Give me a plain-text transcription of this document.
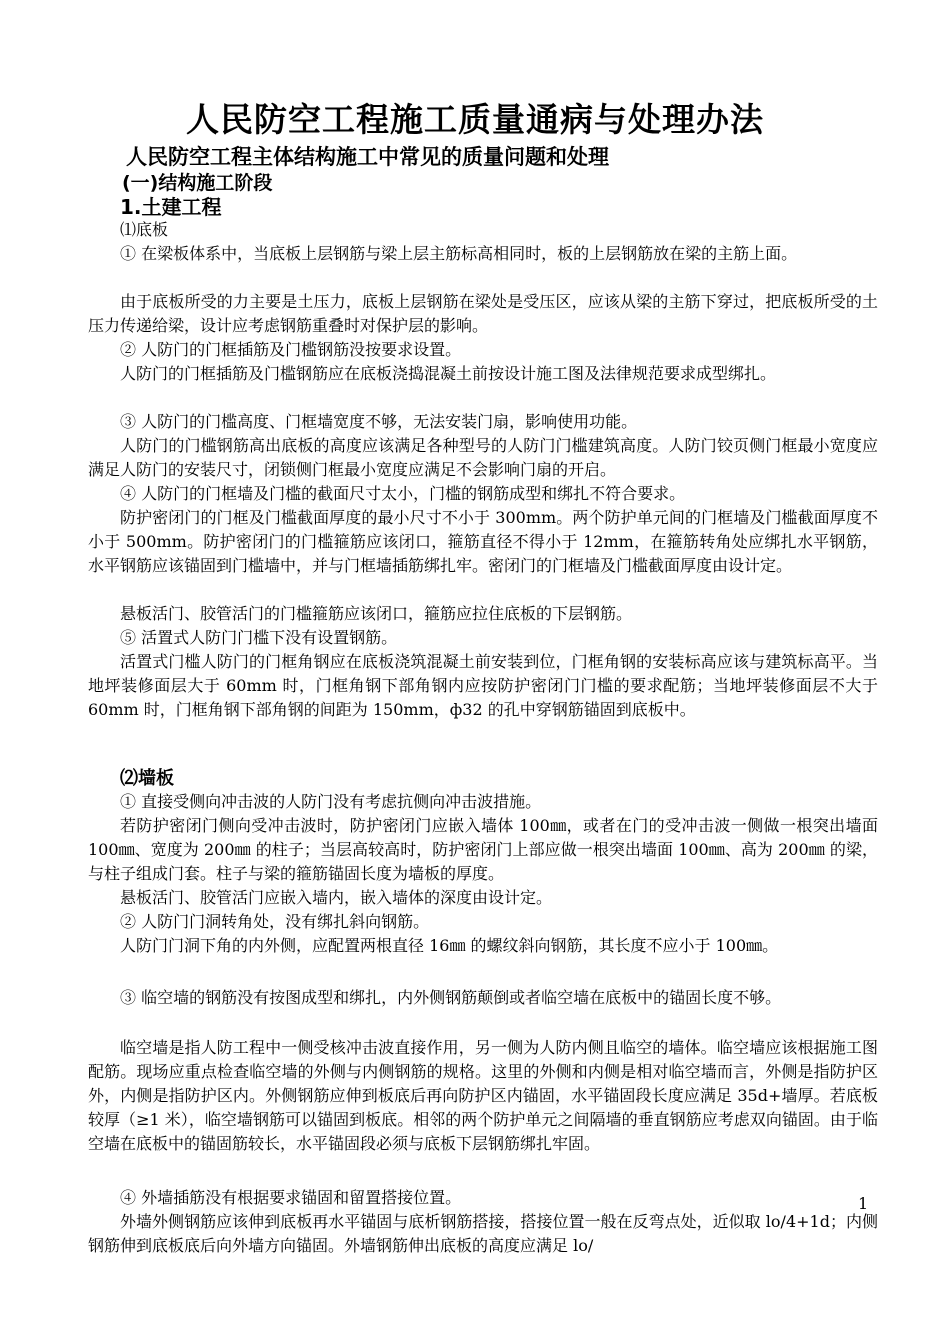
人民防空工程施工质量通病与处理办法
人民防空工程主体结构施工中常见的质量问题和处理
(一)结构施工阶段
1.土建工程
⑴底板
① 在梁板体系中，当底板上层钢筋与梁上层主筋标高相同时，板的上层钢筋放在梁的主筋上面。
由于底板所受的力主要是土压力，底板上层钢筋在梁处是受压区，应该从梁的主筋下穿过，把底板所受的土压力传递给梁，设计应考虑钢筋重叠时对保护层的影响。
② 人防门的门框插筋及门槛钢筋没按要求设置。
人防门的门框插筋及门槛钢筋应在底板浇捣混凝土前按设计施工图及法律规范要求成型绑扎。
③ 人防门的门槛高度、门框墙宽度不够，无法安装门扇，影响使用功能。
人防门的门槛钢筋高出底板的高度应该满足各种型号的人防门门槛建筑高度。人防门铰页侧门框最小宽度应满足人防门的安装尺寸，闭锁侧门框最小宽度应满足不会影响门扇的开启。
④ 人防门的门框墙及门槛的截面尺寸太小，门槛的钢筋成型和绑扎不符合要求。
防护密闭门的门框及门槛截面厚度的最小尺寸不小于 300mm。两个防护单元间的门框墙及门槛截面厚度不小于 500mm。防护密闭门的门槛箍筋应该闭口，箍筋直径不得小于 12mm，在箍筋转角处应绑扎水平钢筋，水平钢筋应该锚固到门槛墙中，并与门框墙插筋绑扎牢。密闭门的门框墙及门槛截面厚度由设计定。
悬板活门、胶管活门的门槛箍筋应该闭口，箍筋应拉住底板的下层钢筋。
⑤ 活置式人防门门槛下没有设置钢筋。
活置式门槛人防门的门框角钢应在底板浇筑混凝土前安装到位，门框角钢的安装标高应该与建筑标高平。当地坪装修面层大于 60mm 时，门框角钢下部角钢内应按防护密闭门门槛的要求配筋；当地坪装修面层不大于 60mm 时，门框角钢下部角钢的间距为 150mm，ф32 的孔中穿钢筋锚固到底板中。
⑵墙板
① 直接受侧向冲击波的人防门没有考虑抗侧向冲击波措施。
若防护密闭门侧向受冲击波时，防护密闭门应嵌入墙体 100㎜，或者在门的受冲击波一侧做一根突出墙面 100㎜、宽度为 200㎜ 的柱子；当层高较高时，防护密闭门上部应做一根突出墙面 100㎜、高为 200㎜ 的梁，与柱子组成门套。柱子与梁的箍筋锚固长度为墙板的厚度。
悬板活门、胶管活门应嵌入墙内，嵌入墙体的深度由设计定。
② 人防门门洞转角处，没有绑扎斜向钢筋。
人防门门洞下角的内外侧，应配置两根直径 16㎜ 的螺纹斜向钢筋，其长度不应小于 100㎜。
③ 临空墙的钢筋没有按图成型和绑扎，内外侧钢筋颠倒或者临空墙在底板中的锚固长度不够。
临空墙是指人防工程中一侧受核冲击波直接作用，另一侧为人防内侧且临空的墙体。临空墙应该根据施工图配筋。现场应重点检查临空墙的外侧与内侧钢筋的规格。这里的外侧和内侧是相对临空墙而言，外侧是指防护区外，内侧是指防护区内。外侧钢筋应伸到板底后再向防护区内锚固，水平锚固段长度应满足 35d+墙厚。若底板较厚（≥1 米），临空墙钢筋可以锚固到板底。相邻的两个防护单元之间隔墙的垂直钢筋应考虑双向锚固。由于临空墙在底板中的锚固筋较长，水平锚固段必须与底板下层钢筋绑扎牢固。
④ 外墙插筋没有根据要求锚固和留置搭接位置。
外墙外侧钢筋应该伸到底板再水平锚固与底析钢筋搭接，搭接位置一般在反弯点处，近似取 lo/4+1d；内侧钢筋伸到底板底后向外墙方向锚固。外墙钢筋伸出底板的高度应满足 lo/
1
